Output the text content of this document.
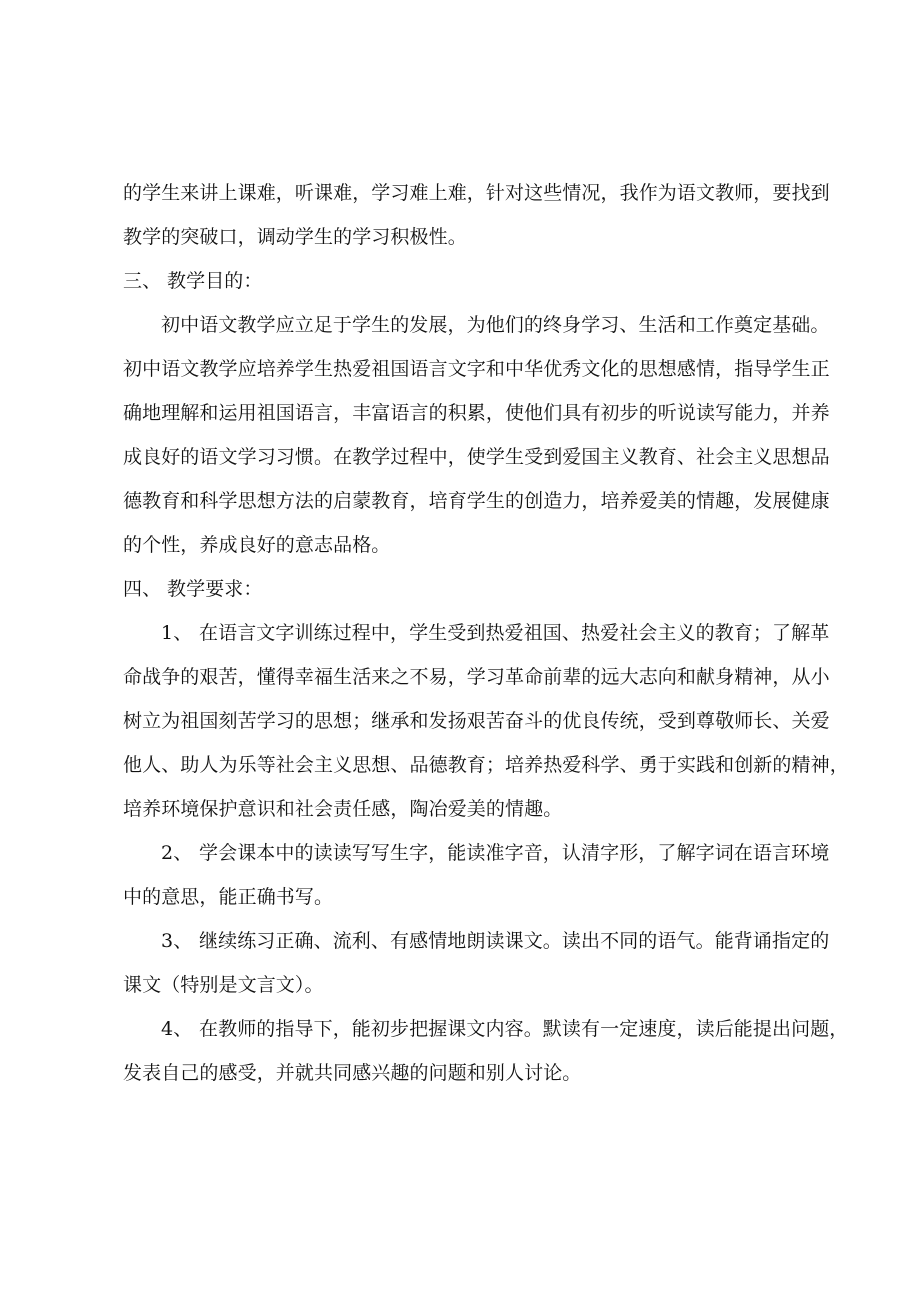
的学生来讲上课难，听课难，学习难上难，针对这些情况，我作为语文教师，要找到
教学的突破口，调动学生的学习积极性。
三、 教学目的：
初中语文教学应立足于学生的发展，为他们的终身学习、生活和工作奠定基础。
初中语文教学应培养学生热爱祖国语言文字和中华优秀文化的思想感情，指导学生正
确地理解和运用祖国语言，丰富语言的积累，使他们具有初步的听说读写能力，并养
成良好的语文学习习惯。在教学过程中，使学生受到爱国主义教育、社会主义思想品
德教育和科学思想方法的启蒙教育，培育学生的创造力，培养爱美的情趣，发展健康
的个性，养成良好的意志品格。
四、 教学要求：
1、 在语言文字训练过程中，学生受到热爱祖国、热爱社会主义的教育；了解革
命战争的艰苦，懂得幸福生活来之不易，学习革命前辈的远大志向和献身精神，从小
树立为祖国刻苦学习的思想；继承和发扬艰苦奋斗的优良传统，受到尊敬师长、关爱
他人、助人为乐等社会主义思想、品德教育；培养热爱科学、勇于实践和创新的精神，
培养环境保护意识和社会责任感，陶冶爱美的情趣。
2、 学会课本中的读读写写生字，能读准字音，认清字形，了解字词在语言环境
中的意思，能正确书写。
3、 继续练习正确、流利、有感情地朗读课文。读出不同的语气。能背诵指定的
课文（特别是文言文）。
4、 在教师的指导下，能初步把握课文内容。默读有一定速度，读后能提出问题，
发表自己的感受，并就共同感兴趣的问题和别人讨论。
